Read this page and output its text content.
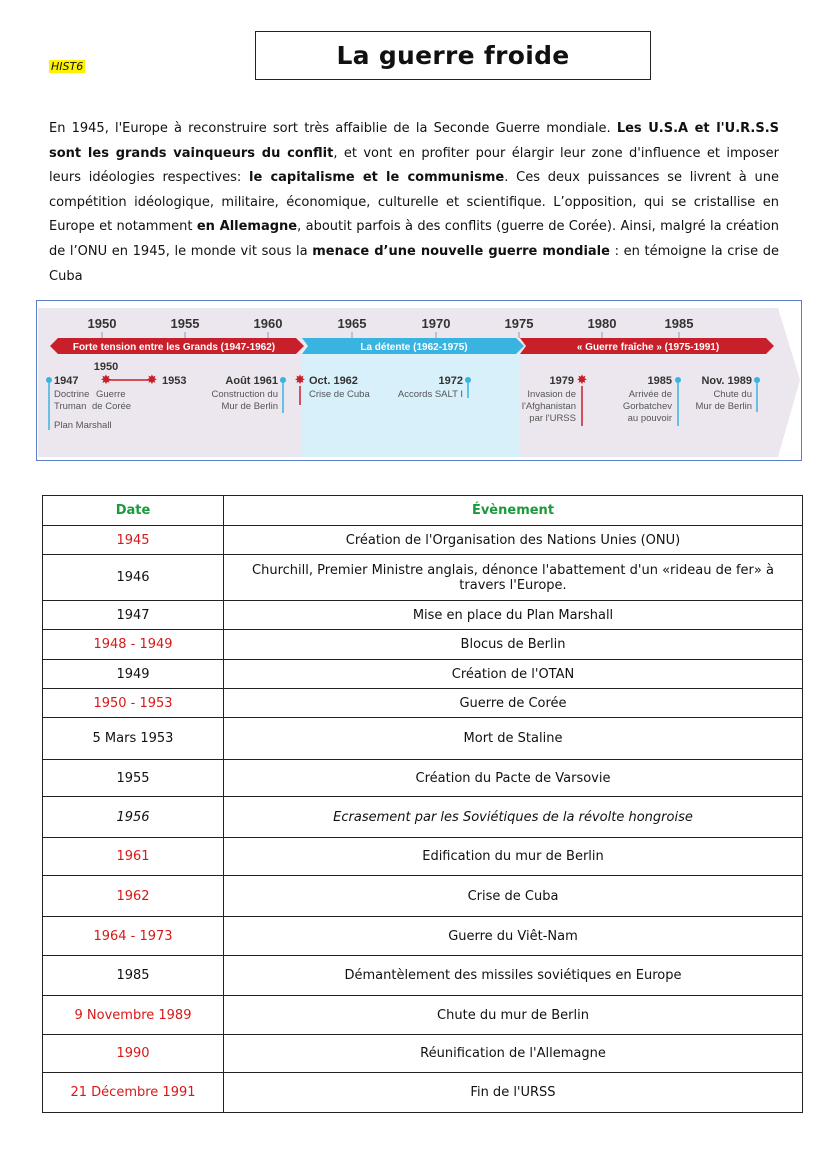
HIST6	La guerre froide

En 1945, l'Europe à reconstruire sort très affaiblie de la Seconde Guerre mondiale. Les U.S.A et l'U.R.S.S sont les grands vainqueurs du conflit, et vont en profiter pour élargir leur zone d'influence et imposer leurs idéologies respectives: le capitalisme et le communisme. Ces deux puissances se livrent à une compétition idéologique, militaire, économique, culturelle et scientifique. L’opposition, qui se cristallise en Europe et notamment en Allemagne, aboutit parfois à des conflits (guerre de Corée). Ainsi, malgré la création de l’ONU en 1945, le monde vit sous la menace d’une nouvelle guerre mondiale : en témoigne la crise de Cuba

1950	1955	1960	1965	1970	1975	1980	1985
Forte tension entre les Grands (1947-1962)	La détente (1962-1975)	« Guerre fraîche » (1975-1991)
1947
Doctrine
Truman
Plan Marshall
1950
✸	✸ 1953
Guerre
de Corée
Août 1961
Construction du
Mur de Berlin
✸ Oct. 1962
Crise de Cuba
1972
Accords SALT I
1979 ✸
Invasion de
l'Afghanistan
par l'URSS
1985
Arrivée de
Gorbatchev
au pouvoir
Nov. 1989
Chute du
Mur de Berlin
Date	Évènement
1945	Création de l'Organisation des Nations Unies (ONU)
1946	Churchill, Premier Ministre anglais, dénonce l'abattement d'un «rideau de fer» à travers l'Europe.
1947	Mise en place du Plan Marshall
1948 - 1949	Blocus de Berlin
1949	Création de l'OTAN
1950 - 1953	Guerre de Corée
5 Mars 1953	Mort de Staline
1955	Création du Pacte de Varsovie
1956	Ecrasement par les Soviétiques de la révolte hongroise
1961	Edification du mur de Berlin
1962	Crise de Cuba
1964 - 1973	Guerre du Viêt-Nam
1985	Démantèlement des missiles soviétiques en Europe
9 Novembre 1989	Chute du mur de Berlin
1990	Réunification de l'Allemagne
21 Décembre 1991	Fin de l'URSS
